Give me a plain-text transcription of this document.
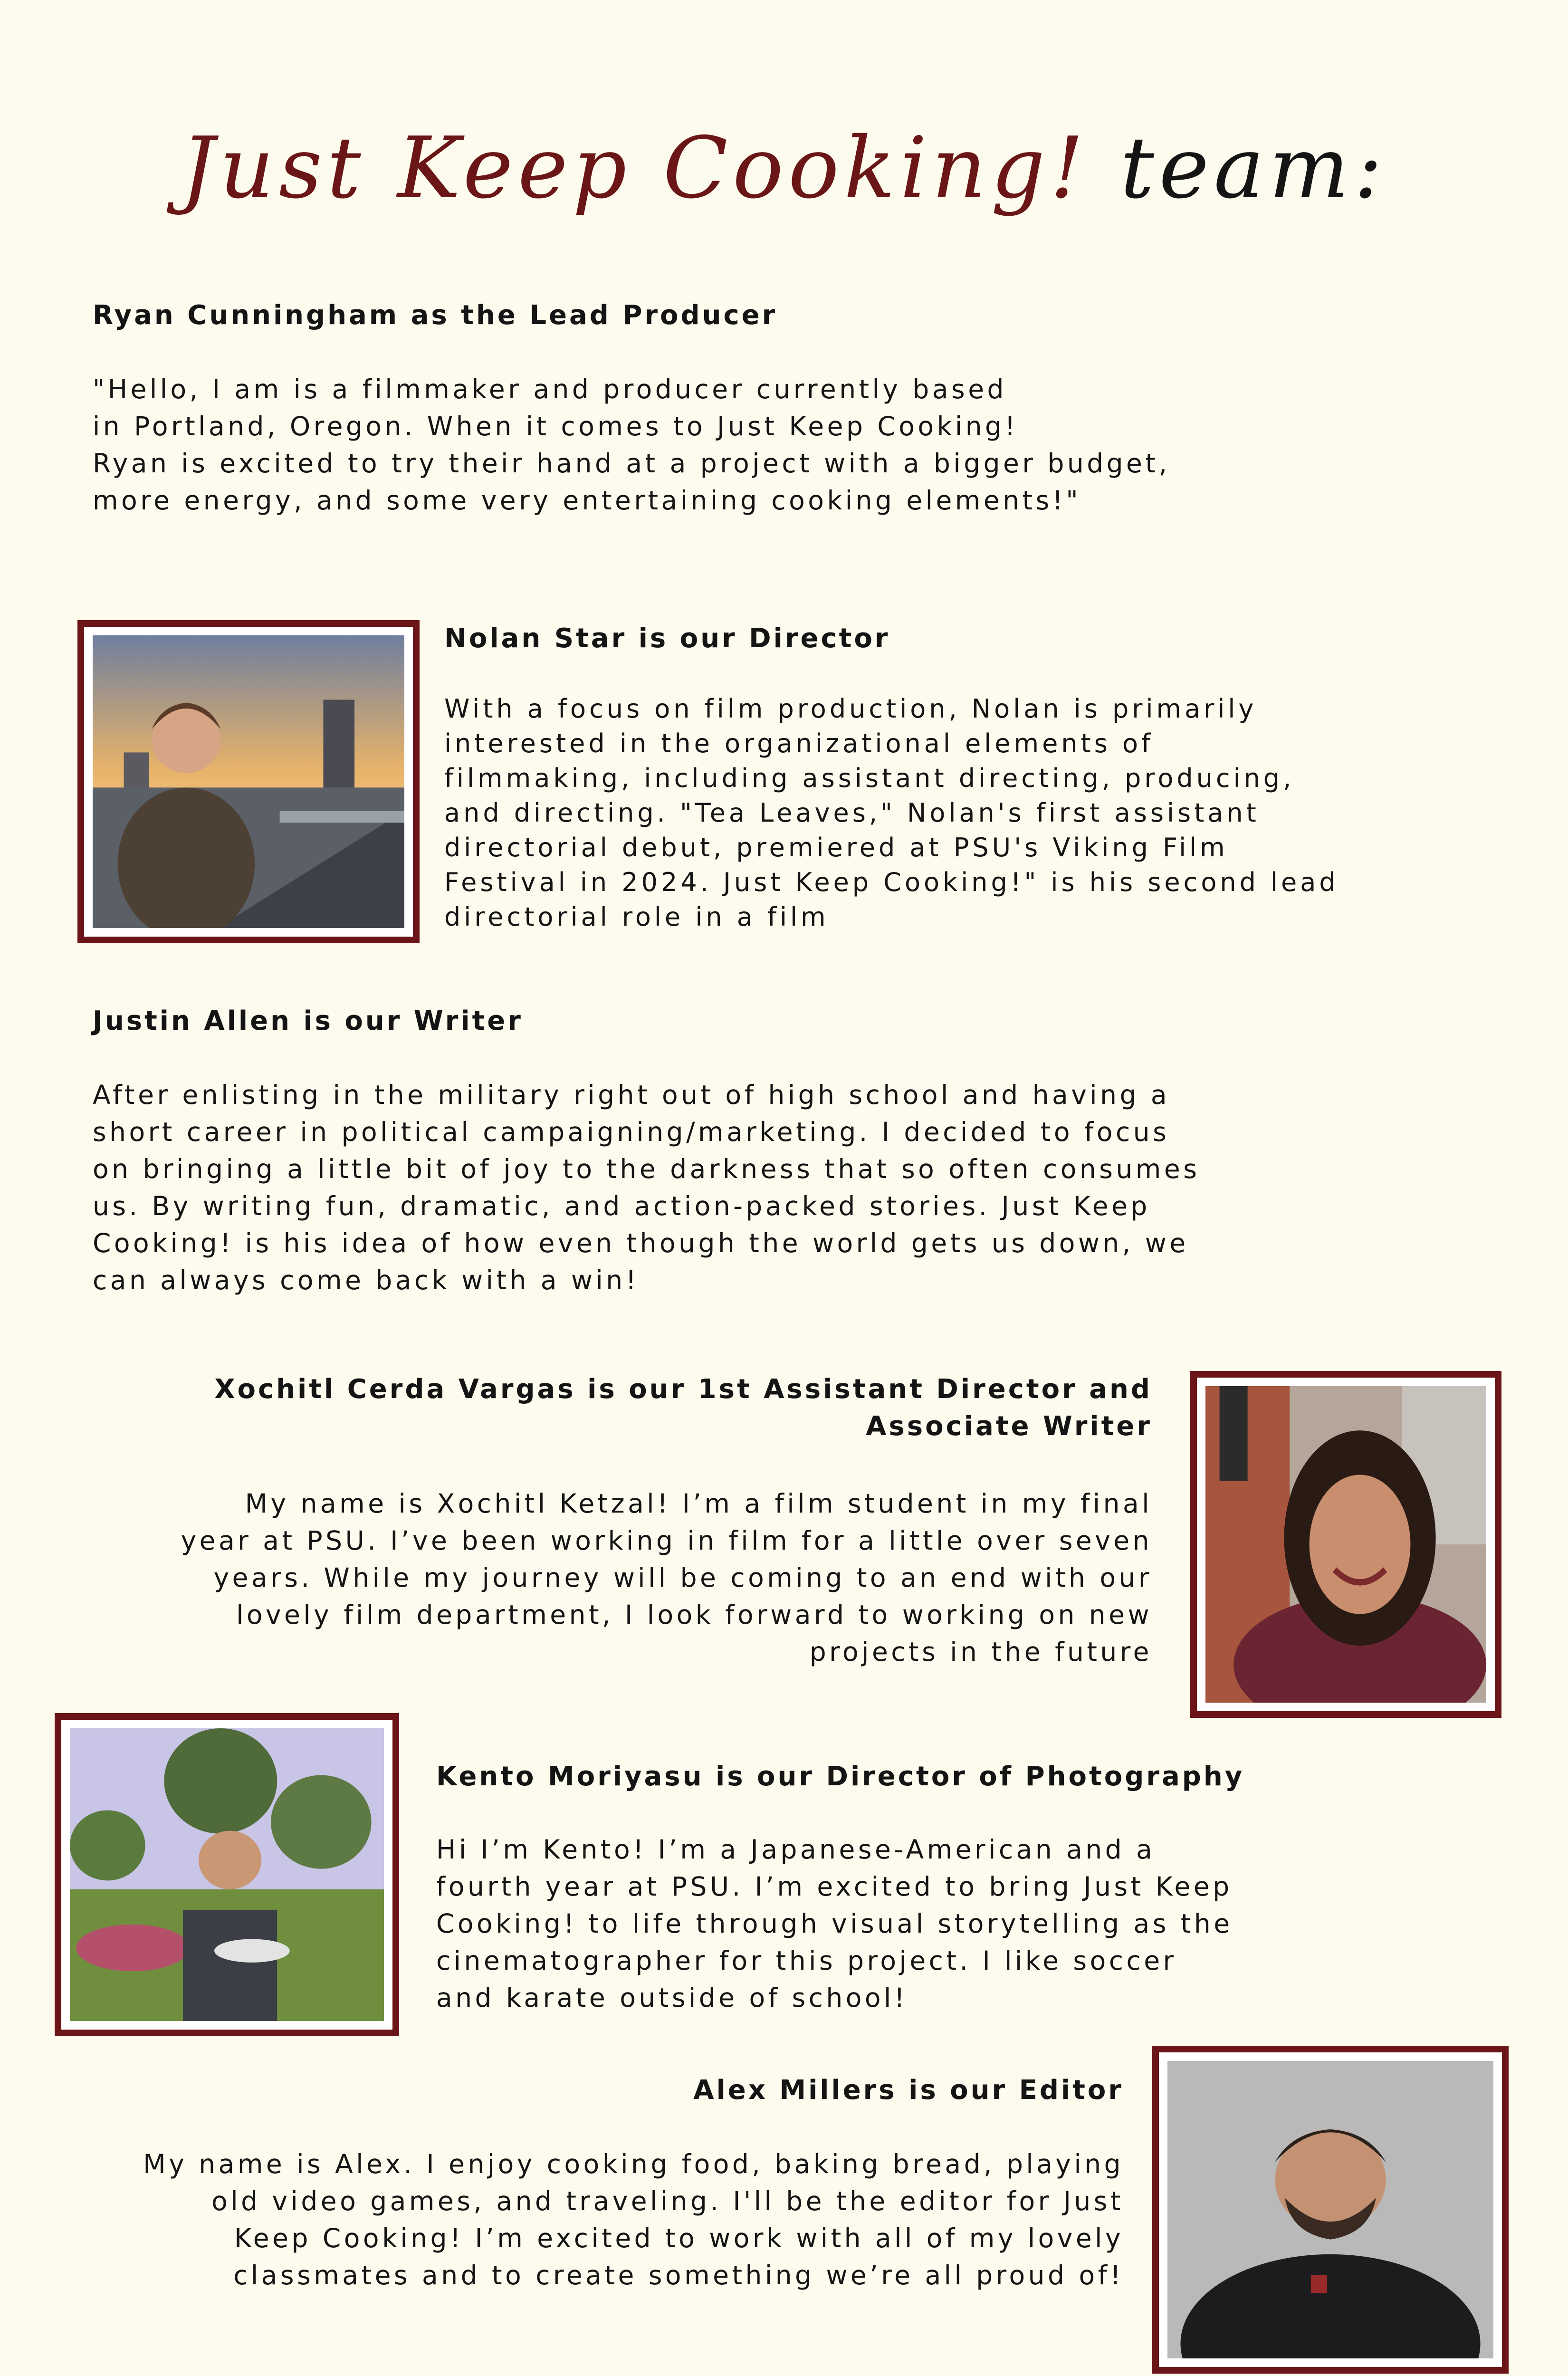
Just Keep Cooking! team:
Ryan Cunningham as the Lead Producer
"Hello, I am is a filmmaker and producer currently based
in Portland, Oregon. When it comes to Just Keep Cooking!
Ryan is excited to try their hand at a project with a bigger budget,
more energy, and some very entertaining cooking elements!"
Nolan Star is our Director
With a focus on film production, Nolan is primarily
interested in the organizational elements of
filmmaking, including assistant directing, producing,
and directing. "Tea Leaves," Nolan's first assistant
directorial debut, premiered at PSU's Viking Film
Festival in 2024. Just Keep Cooking!" is his second lead
directorial role in a film
Justin Allen is our Writer
After enlisting in the military right out of high school and having a
short career in political campaigning/marketing. I decided to focus
on bringing a little bit of joy to the darkness that so often consumes
us. By writing fun, dramatic, and action-packed stories. Just Keep
Cooking! is his idea of how even though the world gets us down, we
can always come back with a win!
Xochitl Cerda Vargas is our 1st Assistant Director and
Associate Writer
My name is Xochitl Ketzal! I’m a film student in my final
year at PSU. I’ve been working in film for a little over seven
years. While my journey will be coming to an end with our
lovely film department, I look forward to working on new
projects in the future
Kento Moriyasu is our Director of Photography
Hi I’m Kento! I’m a Japanese-American and a
fourth year at PSU. I’m excited to bring Just Keep
Cooking! to life through visual storytelling as the
cinematographer for this project. I like soccer
and karate outside of school!
Alex Millers is our Editor
My name is Alex. I enjoy cooking food, baking bread, playing
old video games, and traveling. I'll be the editor for Just
Keep Cooking! I’m excited to work with all of my lovely
classmates and to create something we’re all proud of!
